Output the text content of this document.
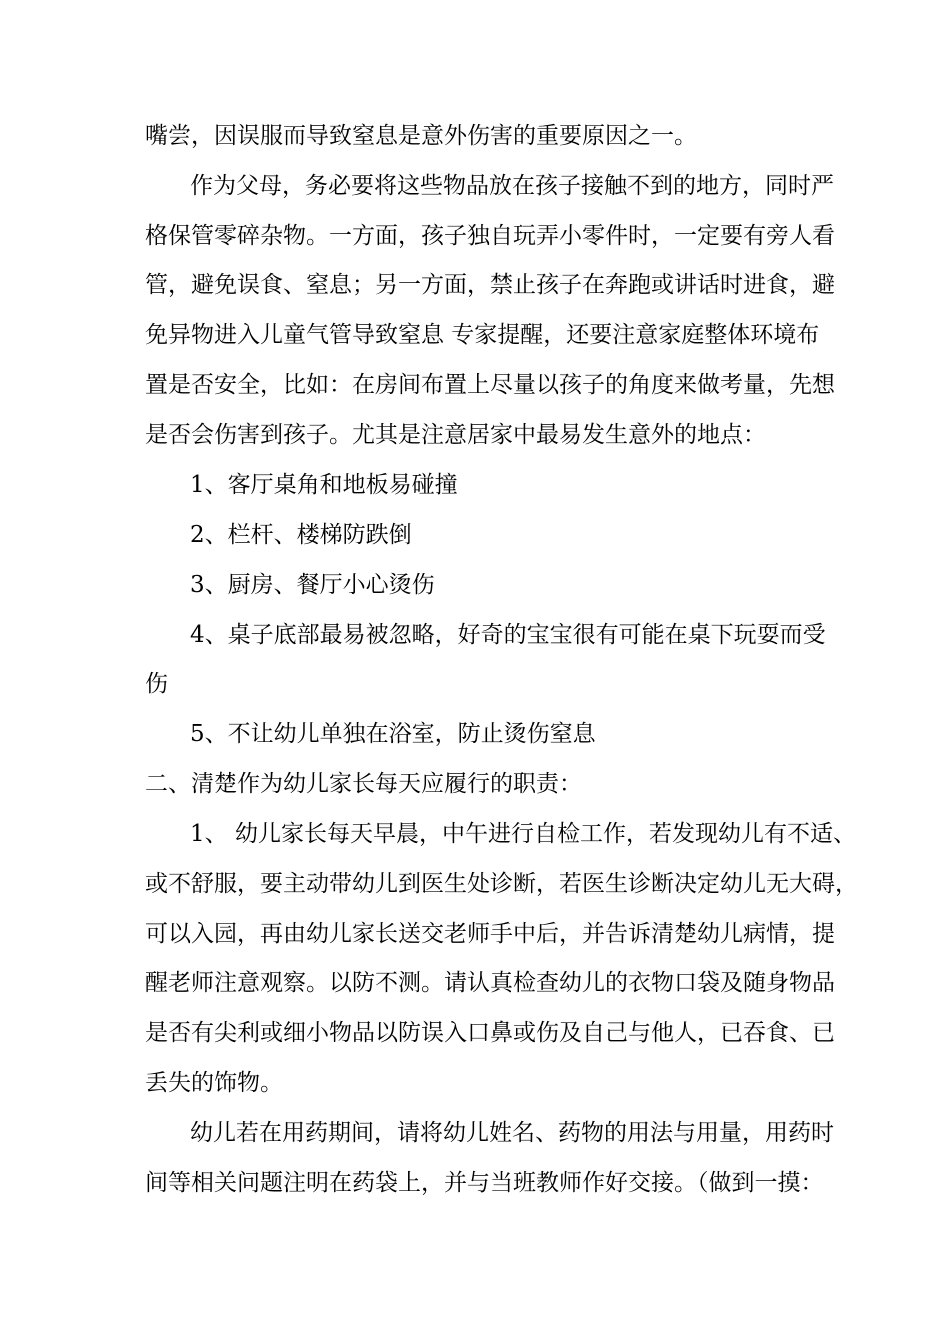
嘴尝，因误服而导致窒息是意外伤害的重要原因之一。
作为父母，务必要将这些物品放在孩子接触不到的地方，同时严
格保管零碎杂物。一方面，孩子独自玩弄小零件时，一定要有旁人看
管，避免误食、窒息；另一方面，禁止孩子在奔跑或讲话时进食，避
免异物进入儿童气管导致窒息 专家提醒，还要注意家庭整体环境布
置是否安全，比如：在房间布置上尽量以孩子的角度来做考量，先想
是否会伤害到孩子。尤其是注意居家中最易发生意外的地点：
1、客厅桌角和地板易碰撞
2、栏杆、楼梯防跌倒
3、厨房、餐厅小心烫伤
4、桌子底部最易被忽略，好奇的宝宝很有可能在桌下玩耍而受
伤
5、不让幼儿单独在浴室，防止烫伤窒息
二、清楚作为幼儿家长每天应履行的职责：
1、 幼儿家长每天早晨，中午进行自检工作，若发现幼儿有不适、
或不舒服，要主动带幼儿到医生处诊断，若医生诊断决定幼儿无大碍，
可以入园，再由幼儿家长送交老师手中后，并告诉清楚幼儿病情，提
醒老师注意观察。以防不测。请认真检查幼儿的衣物口袋及随身物品
是否有尖利或细小物品以防误入口鼻或伤及自己与他人，已吞食、已
丢失的饰物。
幼儿若在用药期间，请将幼儿姓名、药物的用法与用量，用药时
间等相关问题注明在药袋上，并与当班教师作好交接。（做到一摸：
